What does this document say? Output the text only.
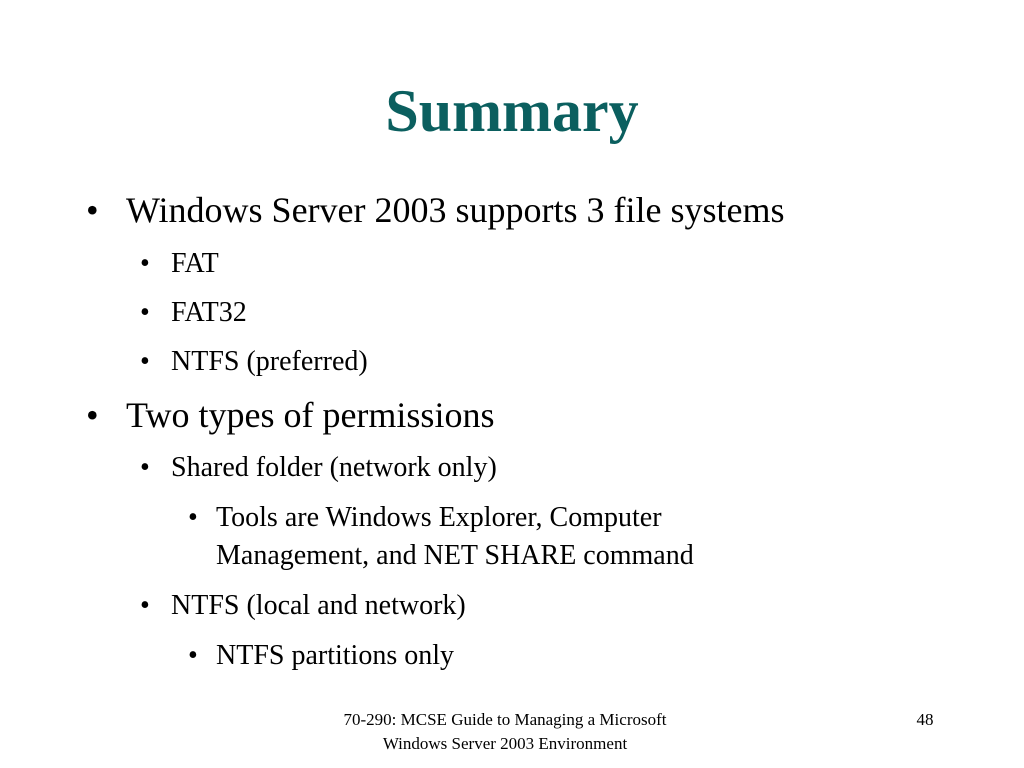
Summary
• Windows Server 2003 supports 3 file systems
• FAT
• FAT32
• NTFS (preferred)
• Two types of permissions
• Shared folder (network only)
• Tools are Windows Explorer, Computer
Management, and NET SHARE command
• NTFS (local and network)
• NTFS partitions only
70-290: MCSE Guide to Managing a Microsoft
Windows Server 2003 Environment
48
